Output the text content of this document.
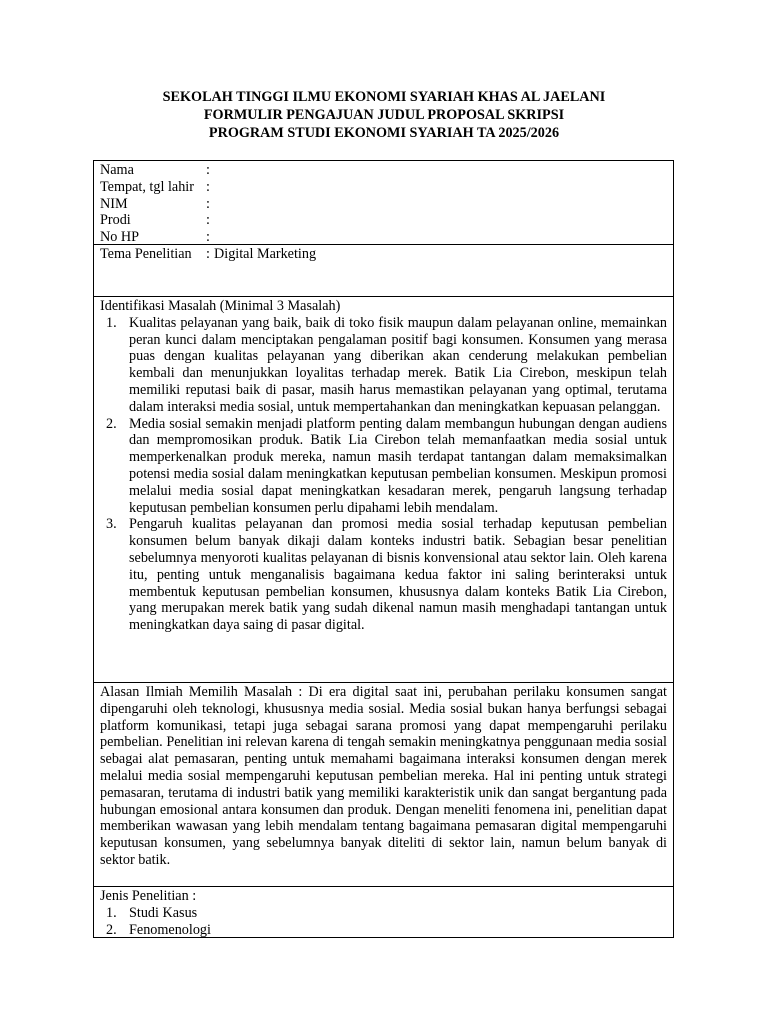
SEKOLAH TINGGI ILMU EKONOMI SYARIAH KHAS AL JAELANI
FORMULIR PENGAJUAN JUDUL PROPOSAL SKRIPSI
PROGRAM STUDI EKONOMI SYARIAH TA 2025/2026
Nama	:
Tempat, tgl lahir :
NIM	:
Prodi	:
No HP	:
Tema Penelitian	: Digital Marketing
Identifikasi Masalah (Minimal 3 Masalah)
1. Kualitas pelayanan yang baik, baik di toko fisik maupun dalam pelayanan online, memainkan peran kunci dalam menciptakan pengalaman positif bagi konsumen. Konsumen yang merasa puas dengan kualitas pelayanan yang diberikan akan cenderung melakukan pembelian kembali dan menunjukkan loyalitas terhadap merek. Batik Lia Cirebon, meskipun telah memiliki reputasi baik di pasar, masih harus memastikan pelayanan yang optimal, terutama dalam interaksi media sosial, untuk mempertahankan dan meningkatkan kepuasan pelanggan.
2. Media sosial semakin menjadi platform penting dalam membangun hubungan dengan audiens dan mempromosikan produk. Batik Lia Cirebon telah memanfaatkan media sosial untuk memperkenalkan produk mereka, namun masih terdapat tantangan dalam memaksimalkan potensi media sosial dalam meningkatkan keputusan pembelian konsumen. Meskipun promosi melalui media sosial dapat meningkatkan kesadaran merek, pengaruh langsung terhadap keputusan pembelian konsumen perlu dipahami lebih mendalam.
3. Pengaruh kualitas pelayanan dan promosi media sosial terhadap keputusan pembelian konsumen belum banyak dikaji dalam konteks industri batik. Sebagian besar penelitian sebelumnya menyoroti kualitas pelayanan di bisnis konvensional atau sektor lain. Oleh karena itu, penting untuk menganalisis bagaimana kedua faktor ini saling berinteraksi untuk membentuk keputusan pembelian konsumen, khususnya dalam konteks Batik Lia Cirebon, yang merupakan merek batik yang sudah dikenal namun masih menghadapi tantangan untuk meningkatkan daya saing di pasar digital.
Alasan Ilmiah Memilih Masalah : Di era digital saat ini, perubahan perilaku konsumen sangat dipengaruhi oleh teknologi, khususnya media sosial. Media sosial bukan hanya berfungsi sebagai platform komunikasi, tetapi juga sebagai sarana promosi yang dapat mempengaruhi perilaku pembelian. Penelitian ini relevan karena di tengah semakin meningkatnya penggunaan media sosial sebagai alat pemasaran, penting untuk memahami bagaimana interaksi konsumen dengan merek melalui media sosial mempengaruhi keputusan pembelian mereka. Hal ini penting untuk strategi pemasaran, terutama di industri batik yang memiliki karakteristik unik dan sangat bergantung pada hubungan emosional antara konsumen dan produk. Dengan meneliti fenomena ini, penelitian dapat memberikan wawasan yang lebih mendalam tentang bagaimana pemasaran digital mempengaruhi keputusan konsumen, yang sebelumnya banyak diteliti di sektor lain, namun belum banyak di sektor batik.
Jenis Penelitian :
1. Studi Kasus
2. Fenomenologi
